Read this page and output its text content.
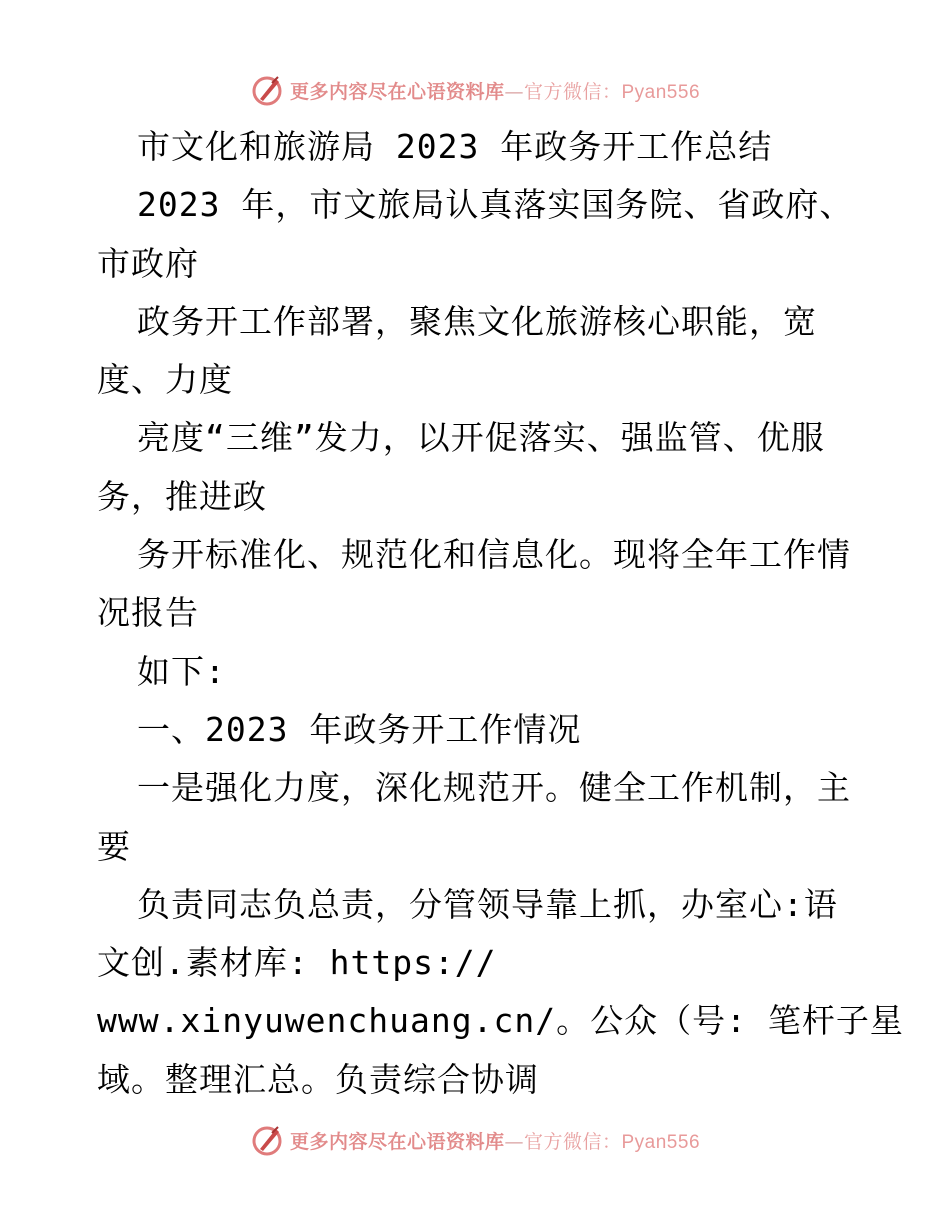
更多内容尽在心语资料库—官方微信：Pyan556
市文化和旅游局 2023 年政务开工作总结
2023 年，市文旅局认真落实国务院、省政府、
市政府
政务开工作部署，聚焦文化旅游核心职能，宽
度、力度
亮度“三维”发力，以开促落实、强监管、优服
务，推进政
务开标准化、规范化和信息化。现将全年工作情
况报告
如下:
一、2023 年政务开工作情况
一是强化力度，深化规范开。健全工作机制，主
要
负责同志负总责，分管领导靠上抓，办室心:语
文创.素材库: https://
www.xinyuwenchuang.cn/。公众（号: 笔杆子星
域。整理汇总。负责综合协调
更多内容尽在心语资料库—官方微信：Pyan556
